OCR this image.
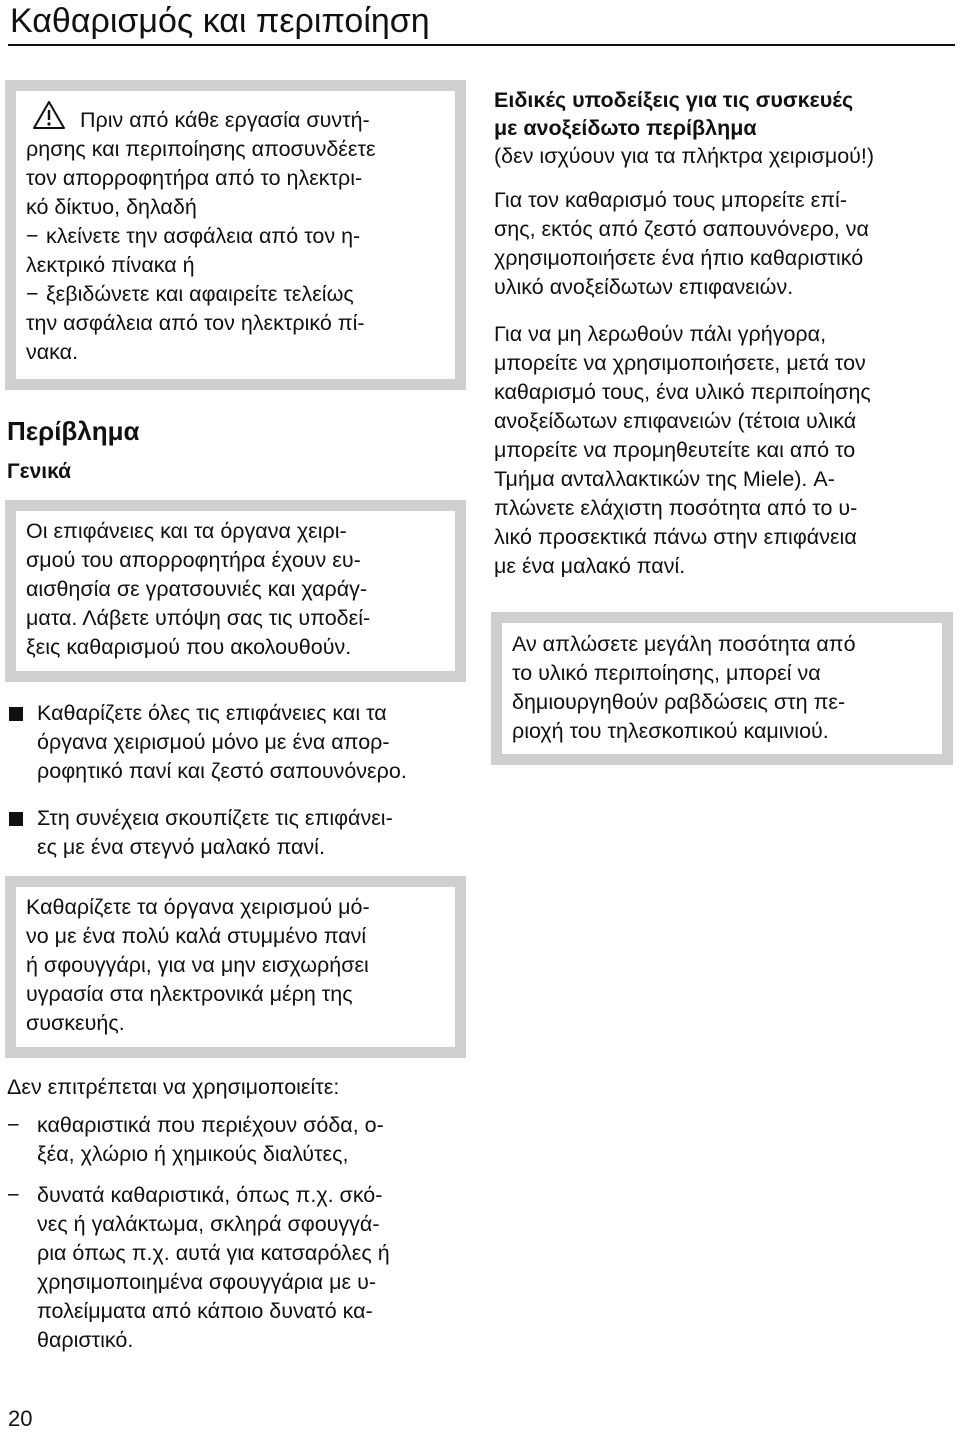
Καθαρισμός και περιποίηση

Πριν από κάθε εργασία συντή-

ρησης και περιποίησης αποσυνδέετε

τον απορροφητήρα από το ηλεκτρι-

κό δίκτυο, δηλαδή

− κλείνετε την ασφάλεια από τον η-

λεκτρικό πίνακα ή

− ξεβιδώνετε και αφαιρείτε τελείως

την ασφάλεια από τον ηλεκτρικό πί-

νακα.

Περίβλημα
Γενικά

Οι επιφάνειες και τα όργανα χειρι-

σμού του απορροφητήρα έχουν ευ-

αισθησία σε γρατσουνιές και χαράγ-

ματα. Λάβετε υπόψη σας τις υποδεί-

ξεις καθαρισμού που ακολουθούν.

Καθαρίζετε όλες τις επιφάνειες και τα

όργανα χειρισμού μόνο με ένα απορ-

ροφητικό πανί και ζεστό σαπουνόνερο.

Στη συνέχεια σκουπίζετε τις επιφάνει-

ες με ένα στεγνό μαλακό πανί.

Καθαρίζετε τα όργανα χειρισμού μό-

νο με ένα πολύ καλά στυμμένο πανί

ή σφουγγάρι, για να μην εισχωρήσει

υγρασία στα ηλεκτρονικά μέρη της

συσκευής.

Δεν επιτρέπεται να χρησιμοποιείτε:

− καθαριστικά που περιέχουν σόδα, ο-

ξέα, χλώριο ή χημικούς διαλύτες,

− δυνατά καθαριστικά, όπως π.χ. σκό-

νες ή γαλάκτωμα, σκληρά σφουγγά-

ρια όπως π.χ. αυτά για κατσαρόλες ή

χρησιμοποιημένα σφουγγάρια με υ-

πολείμματα από κάποιο δυνατό κα-

θαριστικό.

Ειδικές υποδείξεις για τις συσκευές

με ανοξείδωτο περίβλημα

(δεν ισχύουν για τα πλήκτρα χειρισμού!)

Για τον καθαρισμό τους μπορείτε επί-

σης, εκτός από ζεστό σαπουνόνερο, να

χρησιμοποιήσετε ένα ήπιο καθαριστικό

υλικό ανοξείδωτων επιφανειών.

Για να μη λερωθούν πάλι γρήγορα,

μπορείτε να χρησιμοποιήσετε, μετά τον

καθαρισμό τους, ένα υλικό περιποίησης

ανοξείδωτων επιφανειών (τέτοια υλικά

μπορείτε να προμηθευτείτε και από το

Τμήμα ανταλλακτικών της Miele). Α-

πλώνετε ελάχιστη ποσότητα από το υ-

λικό προσεκτικά πάνω στην επιφάνεια

με ένα μαλακό πανί.

Αν απλώσετε μεγάλη ποσότητα από

το υλικό περιποίησης, μπορεί να

δημιουργηθούν ραβδώσεις στη πε-

ριοχή του τηλεσκοπικού καμινιού.

20
